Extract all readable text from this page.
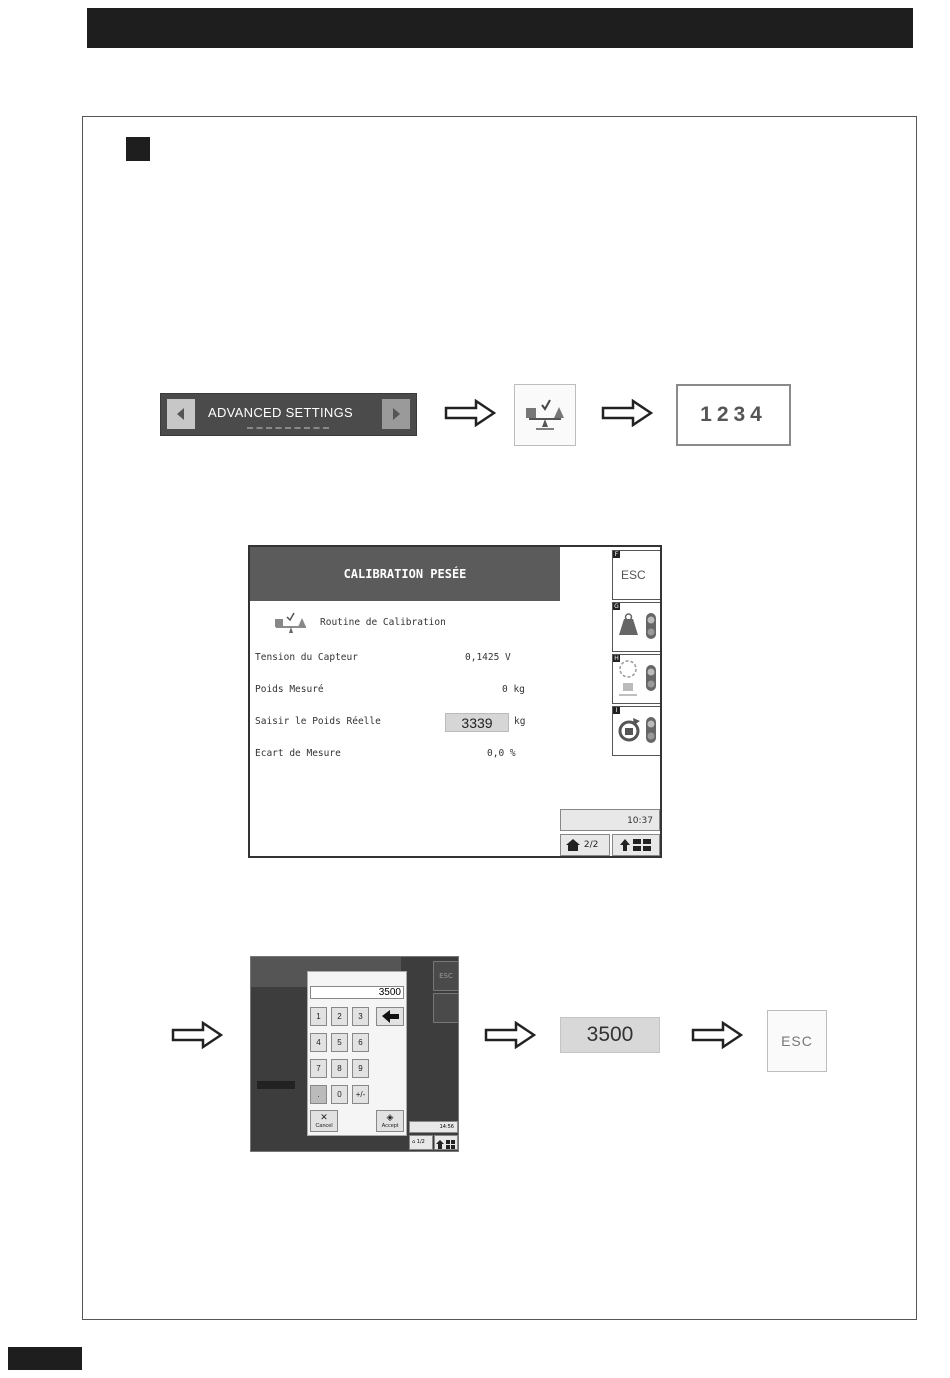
ADVANCED SETTINGS	1234
CALIBRATION PESÉE
Routine de Calibration
Tension du Capteur	0,1425 V
Poids Mesuré	0 kg
Saisir le Poids Réelle	3339	kg
Ecart de Mesure	0,0 %
F
ESC
G
H
I
10:37
2/2
ESC
3500
1	2	3
4	5	6
7	8	9
.	0	+/-
✕
Cancel
◈
Accept	14:56
⌂ 1/2
3500	ESC
